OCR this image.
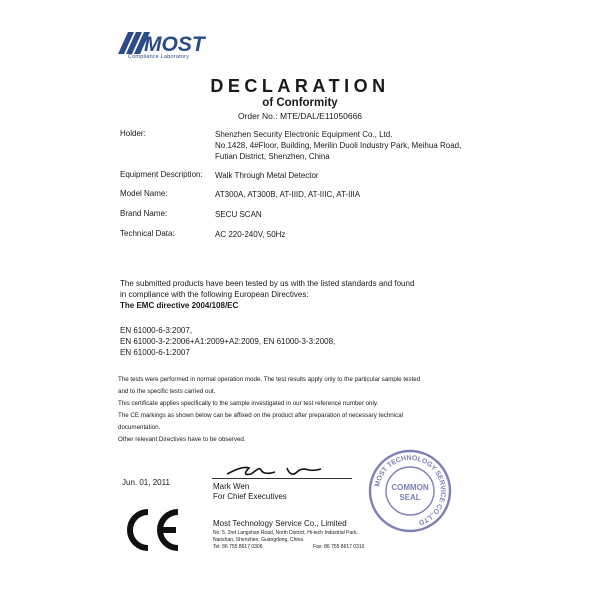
MOST
Compliance Laboratory
DECLARATION
of Conformity
Order No.: MTE/DAL/E11050666
Holder:	Shenzhen Security Electronic Equipment Co., Ltd.
No.1428, 4#Floor, Building, Merilin Duoli Industry Park, Meihua Road, Futian District, Shenzhen, China
Equipment Description: Walk Through Metal Detector
Model Name:	AT300A, AT300B, AT-IIID, AT-IIIC, AT-IIIA
Brand Name:	SECU SCAN
Technical Data:	AC 220-240V, 50Hz
The submitted products have been tested by us with the listed standards and found
in compliance with the following European Directives:
The EMC directive 2004/108/EC
EN 61000-6-3:2007,
EN 61000-3-2:2006+A1:2009+A2:2009, EN 61000-3-3:2008,
EN 61000-6-1:2007
The tests were performed in normal operation mode. The test results apply only to the particular sample tested
and to the specific tests carried out.
This certificate applies specifically to the sample investigated in our test reference number only.
The CE markings as shown below can be affixed on the product after preparation of necessary technical
documentation.
Other relevant Directives have to be observed.
Jun. 01, 2011	Mark Wen
For Chief Executives
Most Technology Service Co., Limited
No. 5, 2nd Langshan Road, North District, Hi-tech Industrial Park,
Nanshan, Shenzhen, Guangdong, China
Tel: 86 755 8617 0306	Fax: 86 755 8617 0310
MOST TECHNOLOGY SERVICE CO.,LTD
COMMON
SEAL
